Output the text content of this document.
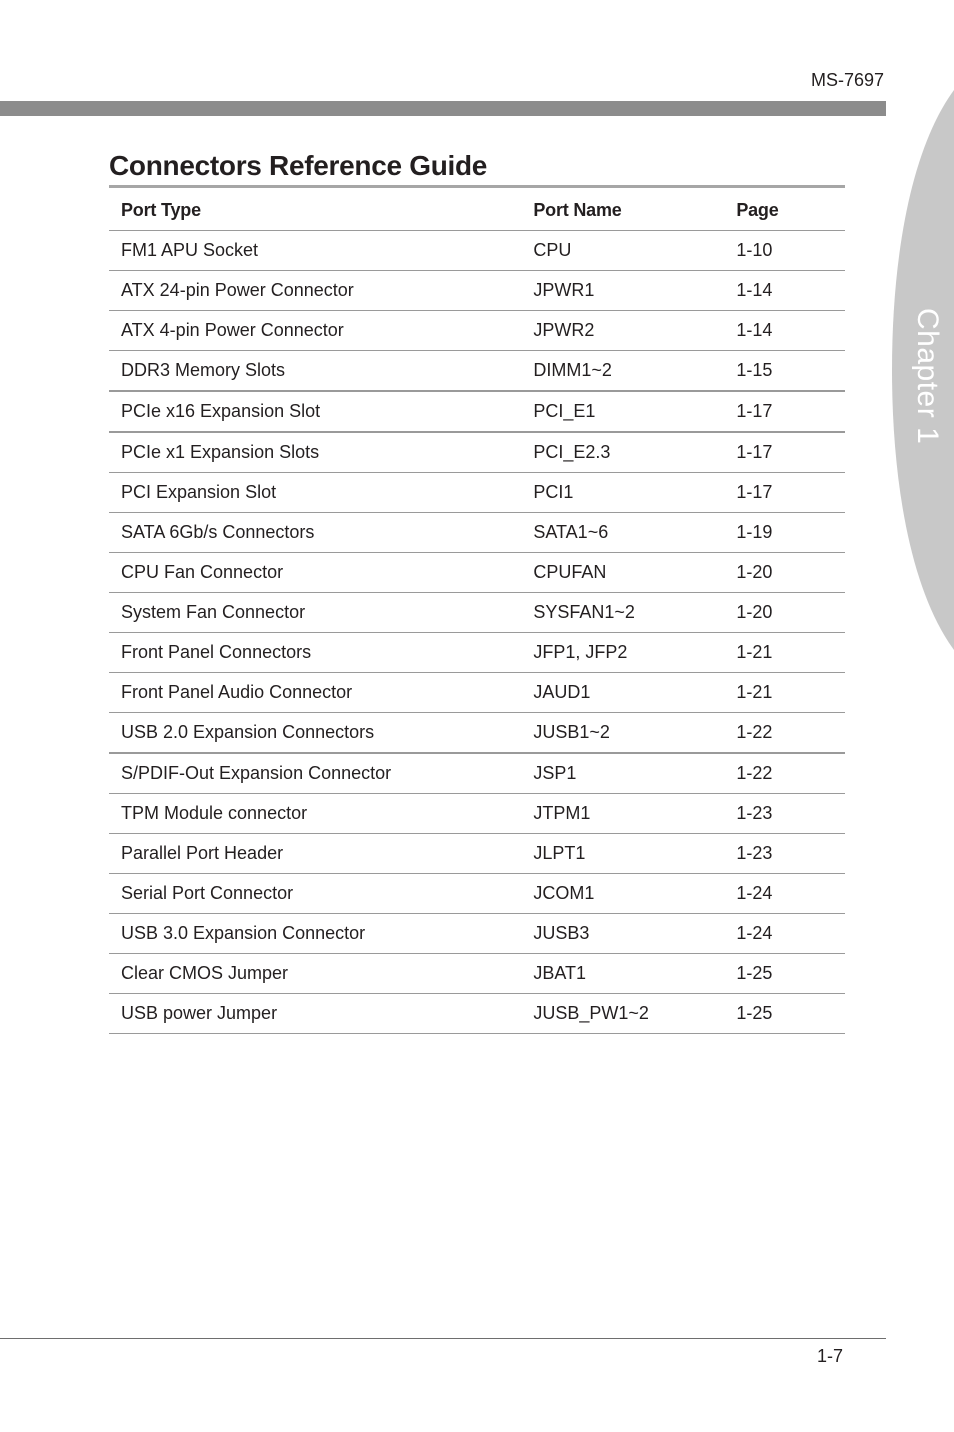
MS-7697
Chapter 1
Connectors Reference Guide
Port Type	Port Name	Page
FM1 APU Socket	CPU	1-10
ATX 24-pin Power Connector	JPWR1	1-14
ATX 4-pin Power Connector	JPWR2	1-14
DDR3 Memory Slots	DIMM1~2	1-15
PCIe x16 Expansion Slot	PCI_E1	1-17
PCIe x1 Expansion Slots	PCI_E2.3	1-17
PCI Expansion Slot	PCI1	1-17
SATA 6Gb/s Connectors	SATA1~6	1-19
CPU Fan Connector	CPUFAN	1-20
System Fan Connector	SYSFAN1~2	1-20
Front Panel Connectors	JFP1, JFP2	1-21
Front Panel Audio Connector	JAUD1	1-21
USB 2.0 Expansion Connectors	JUSB1~2	1-22
S/PDIF-Out Expansion Connector	JSP1	1-22
TPM Module connector	JTPM1	1-23
Parallel Port Header	JLPT1	1-23
Serial Port Connector	JCOM1	1-24
USB 3.0 Expansion Connector	JUSB3	1-24
Clear CMOS Jumper	JBAT1	1-25
USB power Jumper	JUSB_PW1~2	1-25
1-7
